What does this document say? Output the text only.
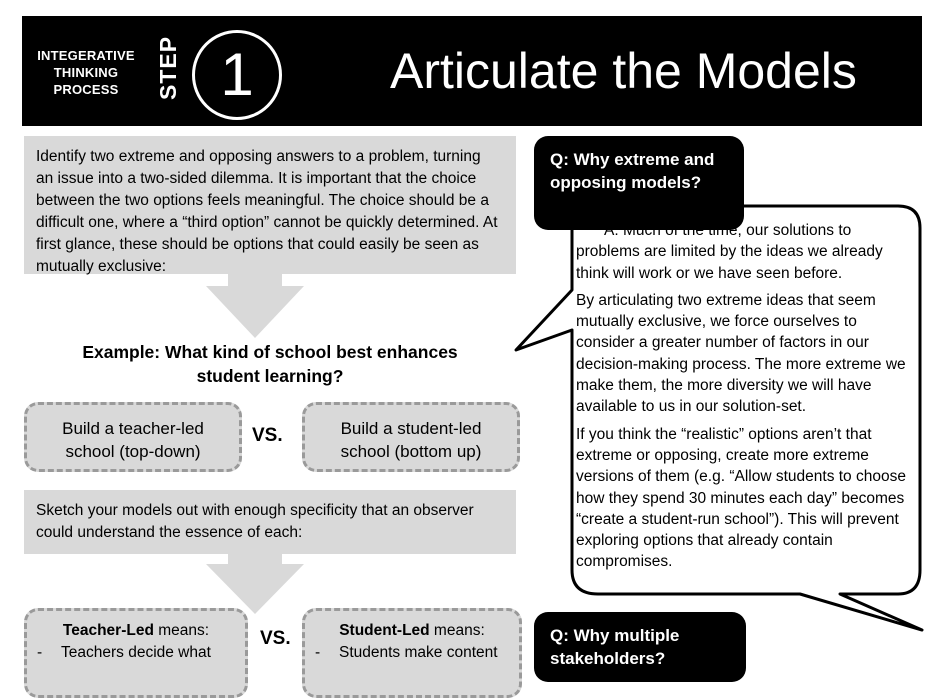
INTEGERATIVE
THINKING
PROCESS	STEP 1	Articulate the Models

Identify two extreme and opposing answers to a problem, turning an issue into a two-sided dilemma. It is important that the choice between the two options feels meaningful. The choice should be a difficult one, where a “third option” cannot be quickly determined. At first glance, these should be options that could easily be seen as mutually exclusive:

Example: What kind of school best enhances
student learning?
Build a teacher-led
school (top-down)
VS.	Build a student-led
school (bottom up)

Sketch your models out with enough specificity that an observer could understand the essence of each:

Teacher-Led means:
- Teachers decide what
VS.	Student-Led means:
- Students make content
Q: Why extreme and opposing models?

A: Much of the time, our solutions to problems are limited by the ideas we already think will work or we have seen before.

By articulating two extreme ideas that seem mutually exclusive, we force ourselves to consider a greater number of factors in our decision-making process. The more extreme we make them, the more diversity we will have available to us in our solution-set.

If you think the “realistic” options aren’t that extreme or opposing, create more extreme versions of them (e.g. “Allow students to choose how they spend 30 minutes each day” becomes “create a student-run school”). This will prevent exploring options that already contain compromises.

Q: Why multiple stakeholders?
